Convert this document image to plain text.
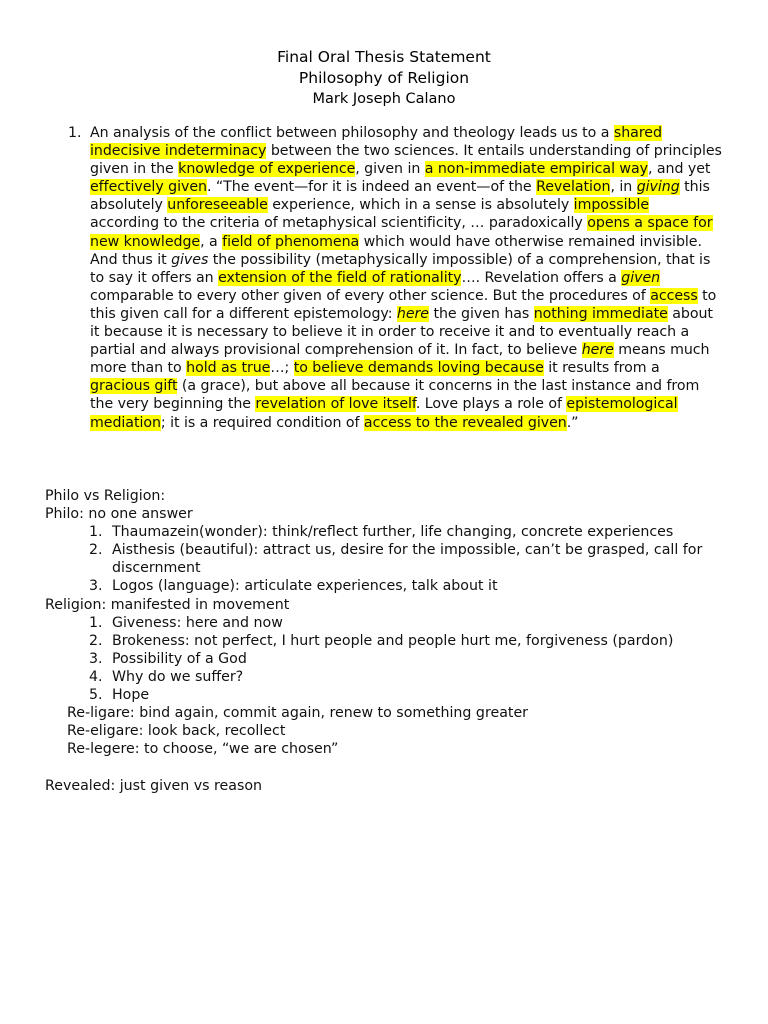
Final Oral Thesis Statement
Philosophy of Religion
Mark Joseph Calano
1. An analysis of the conflict between philosophy and theology leads us to a shared indecisive indeterminacy between the two sciences. It entails understanding of principles given in the knowledge of experience, given in a non-immediate empirical way, and yet effectively given. “The event—for it is indeed an event—of the Revelation, in giving this absolutely unforeseeable experience, which in a sense is absolutely impossible according to the criteria of metaphysical scientificity, … paradoxically opens a space for new knowledge, a field of phenomena which would have otherwise remained invisible. And thus it gives the possibility (metaphysically impossible) of a comprehension, that is to say it offers an extension of the field of rationality…. Revelation offers a given comparable to every other given of every other science. But the procedures of access to this given call for a different epistemology: here the given has nothing immediate about it because it is necessary to believe it in order to receive it and to eventually reach a partial and always provisional comprehension of it. In fact, to believe here means much more than to hold as true…; to believe demands loving because it results from a gracious gift (a grace), but above all because it concerns in the last instance and from the very beginning the revelation of love itself. Love plays a role of epistemological mediation; it is a required condition of access to the revealed given.”
Philo vs Religion:
Philo: no one answer
1. Thaumazein(wonder): think/reflect further, life changing, concrete experiences
2. Aisthesis (beautiful): attract us, desire for the impossible, can’t be grasped, call for discernment
3. Logos (language): articulate experiences, talk about it
Religion: manifested in movement
1. Giveness: here and now
2. Brokeness: not perfect, I hurt people and people hurt me, forgiveness (pardon)
3. Possibility of a God
4. Why do we suffer?
5. Hope
Re-ligare: bind again, commit again, renew to something greater
Re-eligare: look back, recollect
Re-legere: to choose, “we are chosen”
Revealed: just given vs reason
